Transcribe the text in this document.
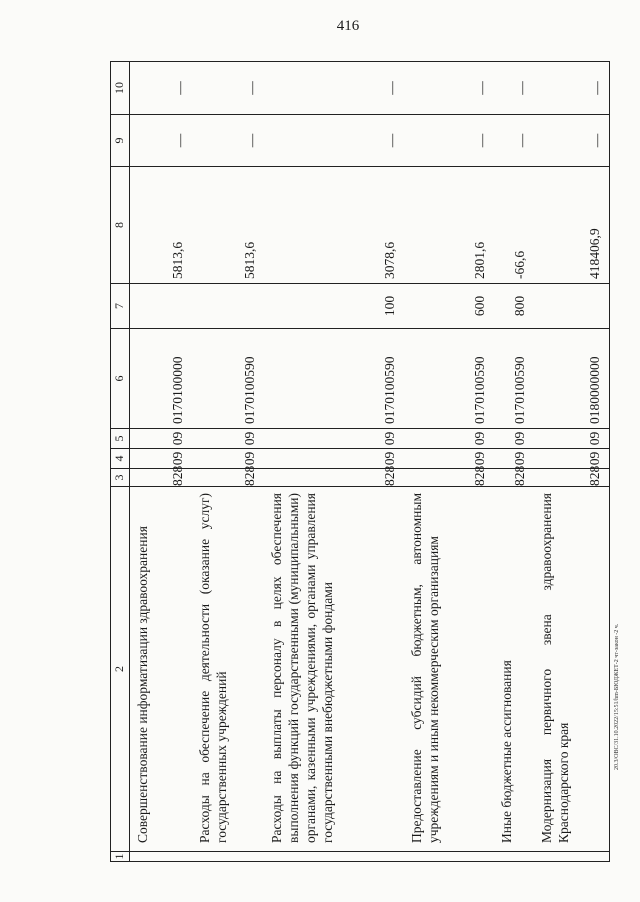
416
1	2	3	4	5	6	7	8	9	10
	Совершенствование информатизации здравоохранения	828	09	09	0170100000		5813,6	—	—
	Расходы на обеспечение деятельности (оказание услуг) государственных учреждений	828	09	09	0170100590		5813,6	—	—
	Расходы на выплаты персоналу в целях обеспечения выполнения функций государственными (муниципальными) органами, казенными учреждениями, органами управления государственными внебюджетными фондами	828	09	09	0170100590	100	3078,6	—	—
	Предоставление субсидий бюджетным, автономным учреждениям и иным некоммерческим организациям	828	09	09	0170100590	600	2801,6	—	—
	Иные бюджетные ассигнования	828	09	09	0170100590	800	-66,6	—	—
	Модернизация первичного звена здравоохранения Краснодарского края	828	09	09	0180000000		418406,9	—	—
20.3/OBC/31.10.2022/15:51/hm-БЮДЖЕТ-2 чт-закон -2 ч.
